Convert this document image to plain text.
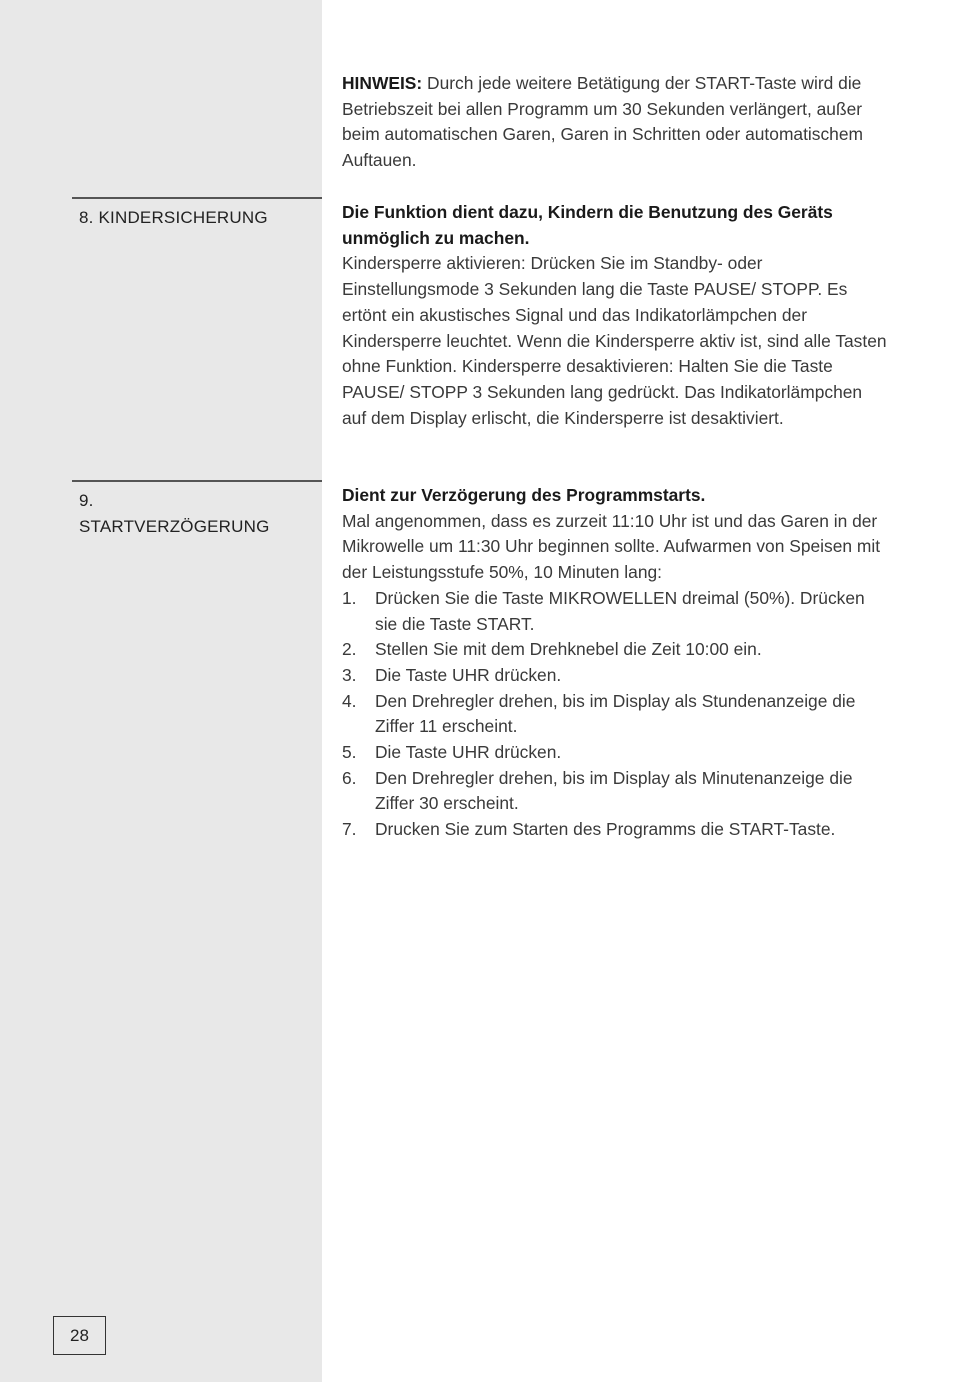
HINWEIS: Durch jede weitere Betätigung der START-Taste wird die Betriebszeit bei allen Programm um 30 Sekunden verlängert, außer beim automatischen Garen, Garen in Schritten oder automatischem Auftauen.

8. KINDERSICHERUNG	Die Funktion dient dazu, Kindern die Benutzung des Geräts unmöglich zu machen.

Kindersperre aktivieren: Drücken Sie im Standby- oder Einstellungsmode 3 Sekunden lang die Taste PAUSE/ STOPP. Es ertönt ein akustisches Signal und das Indikatorlämpchen der Kindersperre leuchtet. Wenn die Kindersperre aktiv ist, sind alle Tasten ohne Funktion. Kindersperre desaktivieren: Halten Sie die Taste PAUSE/ STOPP 3 Sekunden lang gedrückt. Das Indikatorlämpchen auf dem Display erlischt, die Kindersperre ist desaktiviert.

9.
STARTVERZÖGERUNG

Dient zur Verzögerung des Programmstarts.

Mal angenommen, dass es zurzeit 11:10 Uhr ist und das Garen in der Mikrowelle um 11:30 Uhr beginnen sollte. Aufwarmen von Speisen mit der Leistungsstufe 50%, 10 Minuten lang:

1. Drücken Sie die Taste MIKROWELLEN dreimal (50%). Drücken sie die Taste START.
2. Stellen Sie mit dem Drehknebel die Zeit 10:00 ein.
3. Die Taste UHR drücken.
4. Den Drehregler drehen, bis im Display als Stundenanzeige die Ziffer 11 erscheint.
5. Die Taste UHR drücken.
6. Den Drehregler drehen, bis im Display als Minutenanzeige die Ziffer 30 erscheint.
7. Drucken Sie zum Starten des Programms die START-Taste.
28
